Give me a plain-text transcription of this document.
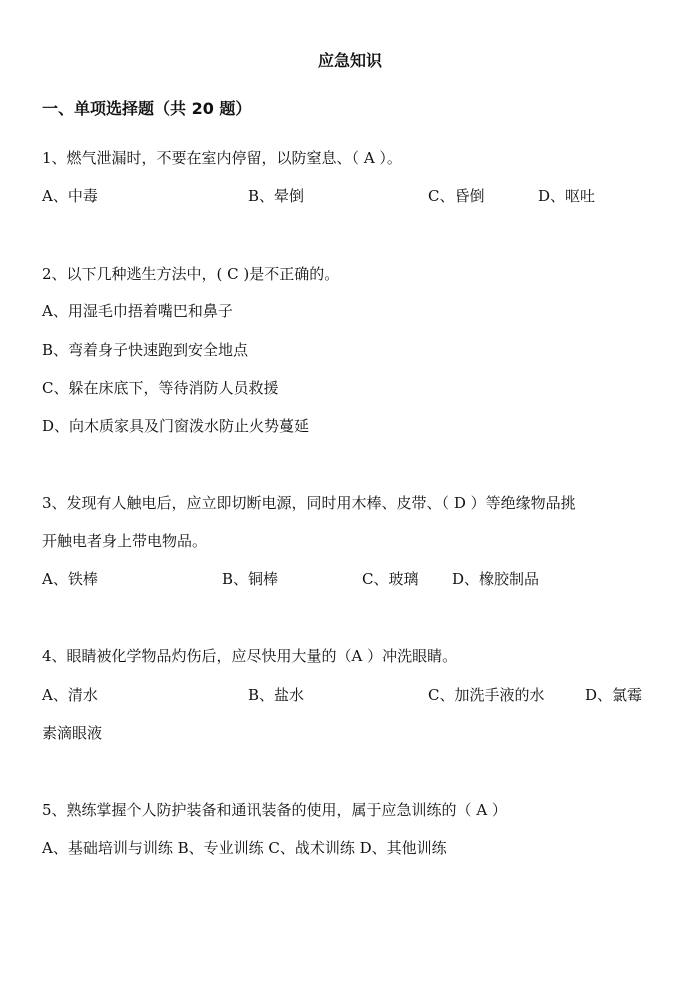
应急知识
一、单项选择题（共 20 题）
1、燃气泄漏时，不要在室内停留，以防窒息、（ A ）。
A、中毒	B、晕倒	C、昏倒	D、呕吐
2、以下几种逃生方法中，( C )是不正确的。
A、用湿毛巾捂着嘴巴和鼻子
B、弯着身子快速跑到安全地点
C、躲在床底下，等待消防人员救援
D、向木质家具及门窗泼水防止火势蔓延
3、发现有人触电后，应立即切断电源，同时用木棒、皮带、（ D ）等绝缘物品挑
开触电者身上带电物品。
A、铁棒	B、铜棒	C、玻璃 D、橡胶制品
4、眼睛被化学物品灼伤后，应尽快用大量的（A ）冲洗眼睛。
A、清水	B、盐水	C、加洗手液的水	D、氯霉
素滴眼液
5、熟练掌握个人防护装备和通讯装备的使用，属于应急训练的（ A ）
A、基础培训与训练 B、专业训练 C、战术训练 D、其他训练
